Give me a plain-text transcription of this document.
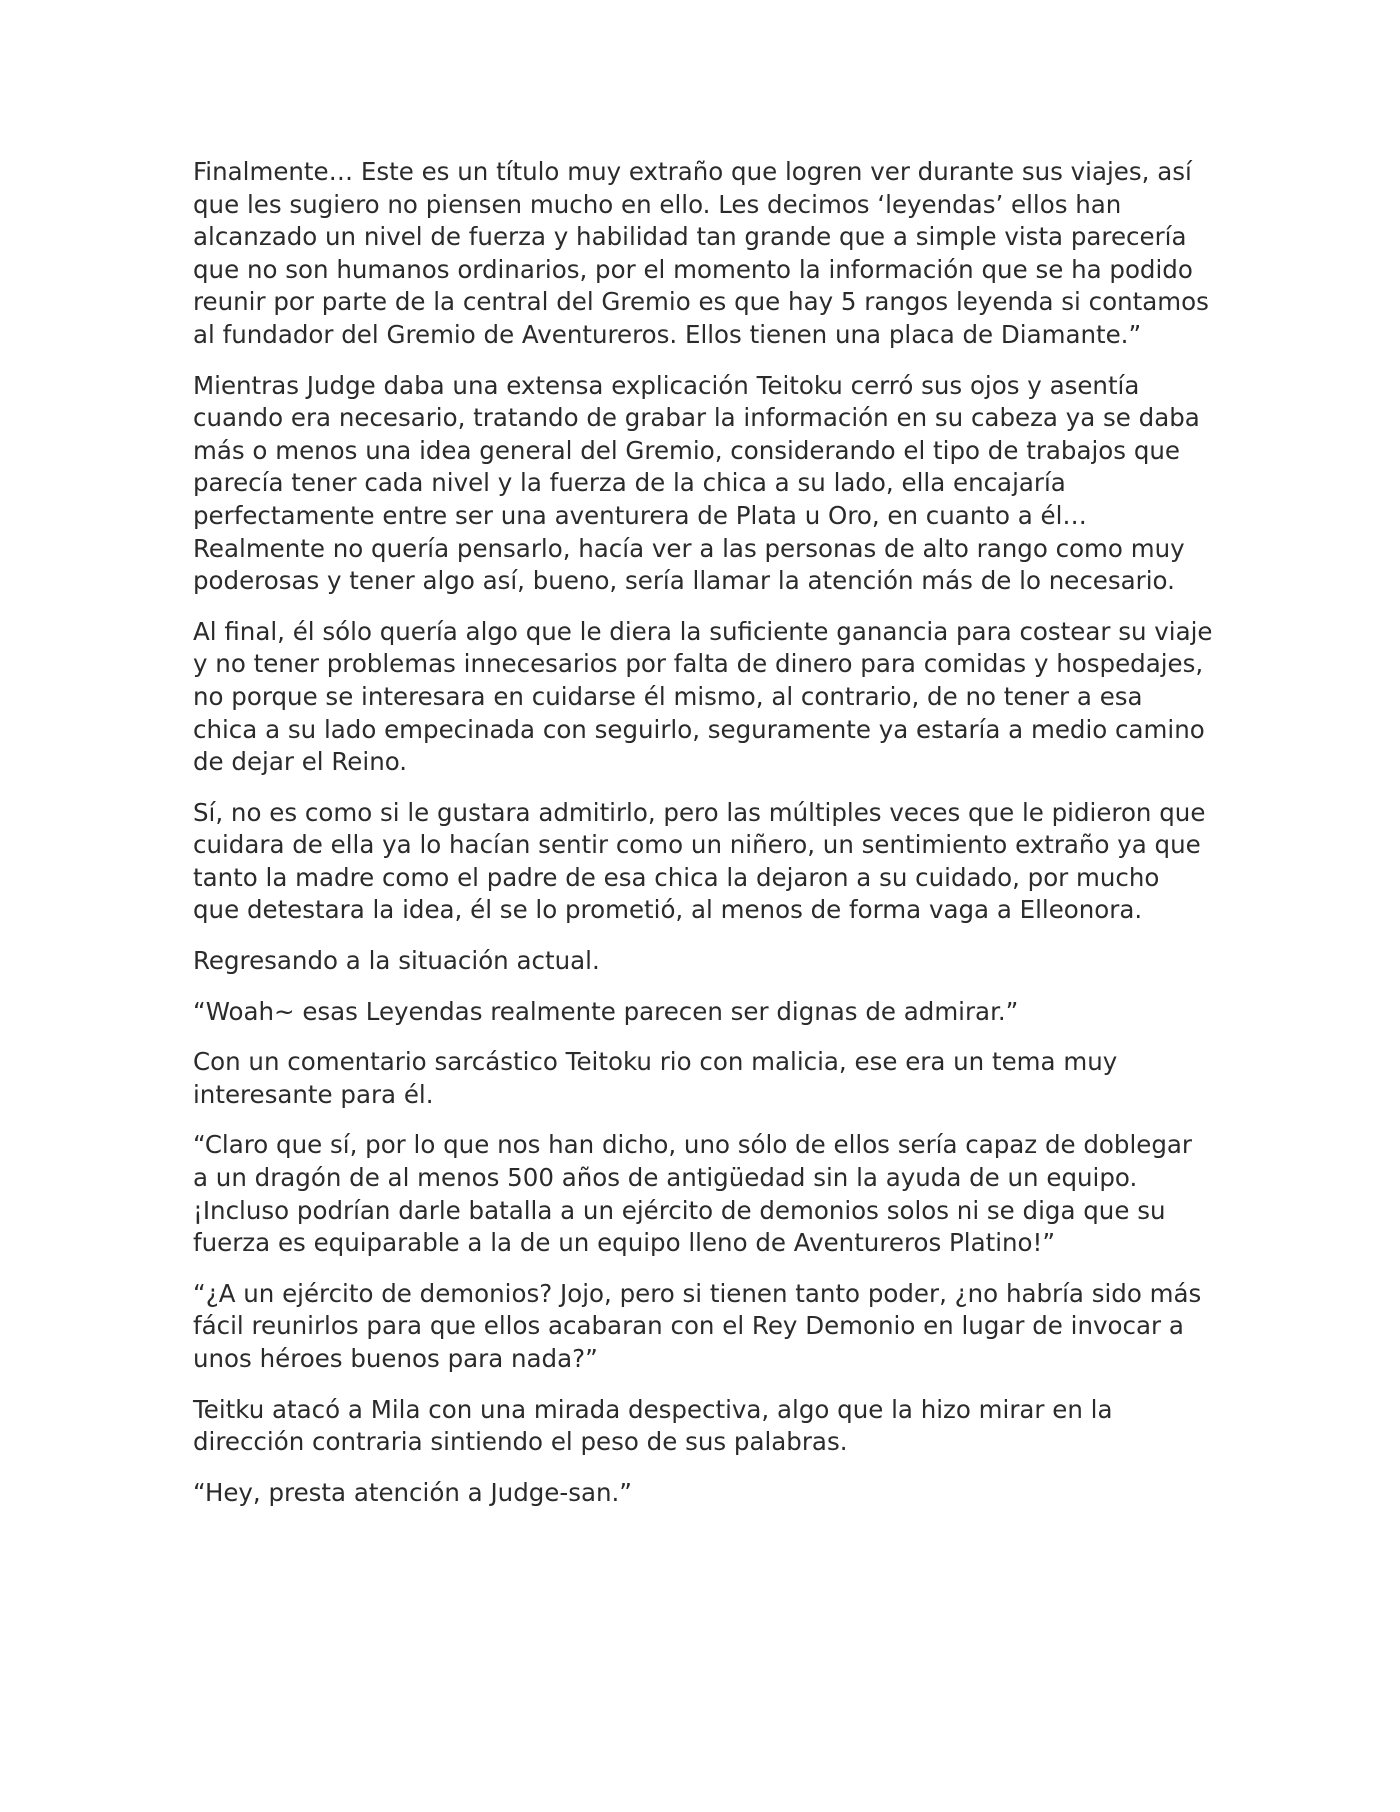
Finalmente… Este es un título muy extraño que logren ver durante sus viajes, así que les sugiero no piensen mucho en ello. Les decimos ‘leyendas’ ellos han alcanzado un nivel de fuerza y habilidad tan grande que a simple vista parecería que no son humanos ordinarios, por el momento la información que se ha podido reunir por parte de la central del Gremio es que hay 5 rangos leyenda si contamos al fundador del Gremio de Aventureros. Ellos tienen una placa de Diamante.”

Mientras Judge daba una extensa explicación Teitoku cerró sus ojos y asentía cuando era necesario, tratando de grabar la información en su cabeza ya se daba más o menos una idea general del Gremio, considerando el tipo de trabajos que parecía tener cada nivel y la fuerza de la chica a su lado, ella encajaría perfectamente entre ser una aventurera de Plata u Oro, en cuanto a él… Realmente no quería pensarlo, hacía ver a las personas de alto rango como muy poderosas y tener algo así, bueno, sería llamar la atención más de lo necesario.

Al final, él sólo quería algo que le diera la suficiente ganancia para costear su viaje y no tener problemas innecesarios por falta de dinero para comidas y hospedajes, no porque se interesara en cuidarse él mismo, al contrario, de no tener a esa chica a su lado empecinada con seguirlo, seguramente ya estaría a medio camino de dejar el Reino.

Sí, no es como si le gustara admitirlo, pero las múltiples veces que le pidieron que cuidara de ella ya lo hacían sentir como un niñero, un sentimiento extraño ya que tanto la madre como el padre de esa chica la dejaron a su cuidado, por mucho que detestara la idea, él se lo prometió, al menos de forma vaga a Elleonora.

Regresando a la situación actual.

“Woah~ esas Leyendas realmente parecen ser dignas de admirar.”

Con un comentario sarcástico Teitoku rio con malicia, ese era un tema muy interesante para él.

“Claro que sí, por lo que nos han dicho, uno sólo de ellos sería capaz de doblegar a un dragón de al menos 500 años de antigüedad sin la ayuda de un equipo. ¡Incluso podrían darle batalla a un ejército de demonios solos ni se diga que su fuerza es equiparable a la de un equipo lleno de Aventureros Platino!”

“¿A un ejército de demonios? Jojo, pero si tienen tanto poder, ¿no habría sido más fácil reunirlos para que ellos acabaran con el Rey Demonio en lugar de invocar a unos héroes buenos para nada?”

Teitku atacó a Mila con una mirada despectiva, algo que la hizo mirar en la dirección contraria sintiendo el peso de sus palabras.

“Hey, presta atención a Judge-san.”
